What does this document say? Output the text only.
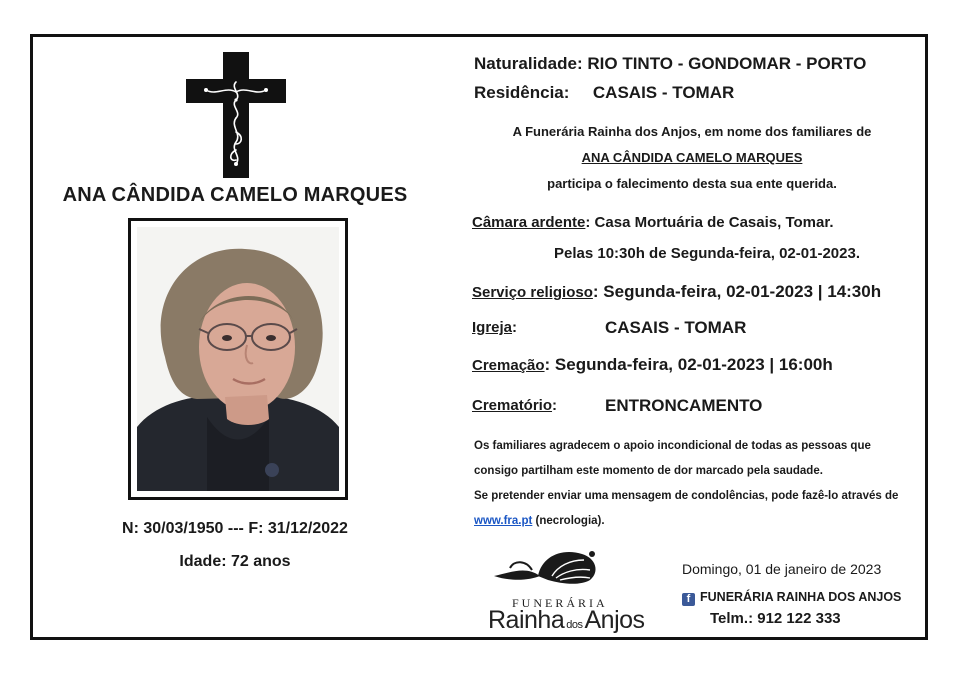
ANA CÂNDIDA CAMELO MARQUES
N: 30/03/1950 --- F: 31/12/2022
Idade: 72 anos
Naturalidade: RIO TINTO - GONDOMAR - PORTO
Residência: CASAIS - TOMAR
A Funerária Rainha dos Anjos, em nome dos familiares de
ANA CÂNDIDA CAMELO MARQUES
participa o falecimento desta sua ente querida.
Câmara ardente: Casa Mortuária de Casais, Tomar.
Pelas 10:30h de Segunda-feira, 02-01-2023.
Serviço religioso: Segunda-feira, 02-01-2023 | 14:30h
Igreja:	CASAIS - TOMAR
Cremação: Segunda-feira, 02-01-2023 | 16:00h
Crematório:	ENTRONCAMENTO
Os familiares agradecem o apoio incondicional de todas as pessoas que
consigo partilham este momento de dor marcado pela saudade.
Se pretender enviar uma mensagem de condolências, pode fazê-lo através de
www.fra.pt (necrologia).
FUNERÁRIA
Rainha dosAnjos
Domingo, 01 de janeiro de 2023
f FUNERÁRIA RAINHA DOS ANJOS
Telm.: 912 122 333
